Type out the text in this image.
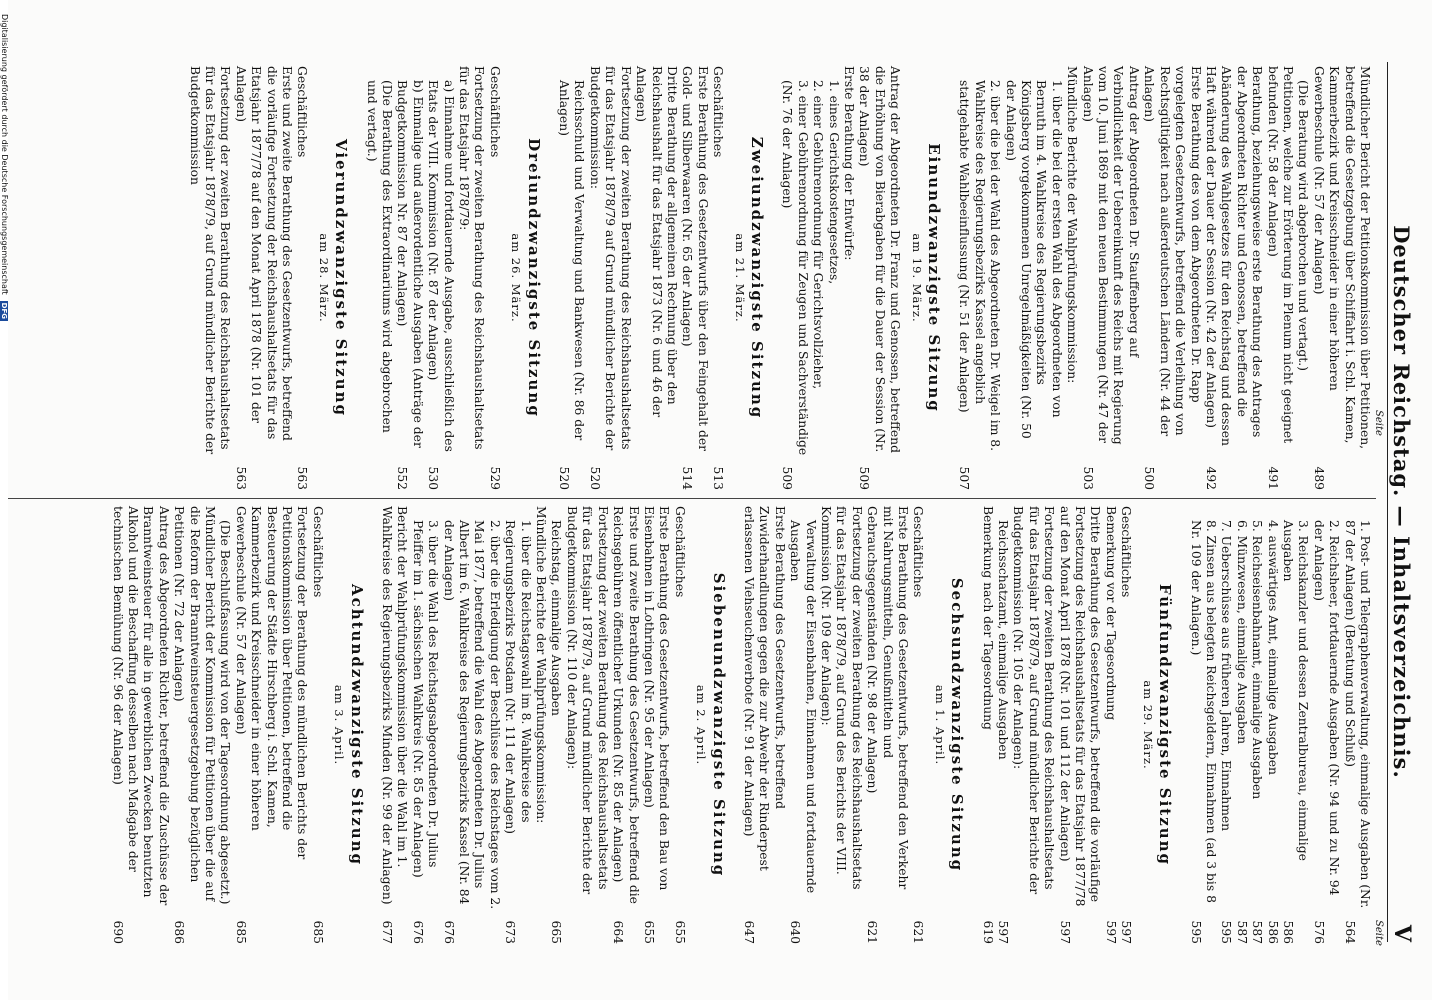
Deutscher Reichstag. — Inhaltsverzeichnis.
V
Seite
Seite
Mündlicher Bericht der Petitionskommission über Petitionen, betreffend die Gesetzgebung über Schiffahrt i. Schl. Kamen, Kammerbezirk und Kreisschneider in einer höheren Gewerbeschule (Nr. 57 der Anlagen)
489
(Die Beratung wird abgebrochen und vertagt.)
Petitionen, welche zur Erörterung im Plenum nicht geeignet befunden (Nr. 58 der Anlagen)
491
Berathung, beziehungsweise erste Berathung des Antrages der Abgeordneten Richter und Genossen, betreffend die Abänderung des Wahlgesetzes für den Reichstag und dessen Haft während der Dauer der Session (Nr. 42 der Anlagen)
492
Erste Berathung des von dem Abgeordneten Dr. Rapp vorgelegten Gesetzentwurfs, betreffend die Verleihung von Rechtsgültigkeit nach außerdeutschen Ländern (Nr. 44 der Anlagen)
500
Antrag der Abgeordneten Dr. Stauffenberg auf Verbindlichkeit der Uebereinkunft des Reichs mit Regierung vom 10. Juni 1869 mit den neuen Bestimmungen (Nr. 47 der Anlagen)
503
Mündliche Berichte der Wahlprüfungskommission:
1. über die bei der ersten Wahl des Abgeordneten von Bernuth im 4. Wahlkreise des Regierungsbezirks Königsberg vorgekommenen Unregelmäßigkeiten (Nr. 50 der Anlagen)
2. über die bei der Wahl des Abgeordneten Dr. Weigel im 8. Wahlkreise des Regierungsbezirks Kassel angeblich stattgehabte Wahlbeeinflussung (Nr. 51 der Anlagen)
507
Einundzwanzigste Sitzung
am 19. März.
Antrag der Abgeordneten Dr. Franz und Genossen, betreffend die Erhöhung von Bierabgaben für die Dauer der Session (Nr. 38 der Anlagen)
509
Erste Berathung der Entwürfe:
1. eines Gerichtskostengesetzes,
2. einer Gebührenordnung für Gerichtsvollzieher,
3. einer Gebührenordnung für Zeugen und Sachverständige (Nr. 76 der Anlagen)
509
Zweiundzwanzigste Sitzung
am 21. März.
Geschäftliches
513
Erste Berathung des Gesetzentwurfs über den Feingehalt der Gold- und Silberwaaren (Nr. 65 der Anlagen)
514
Dritte Berathung der allgemeinen Rechnung über den Reichshaushalt für das Etatsjahr 1873 (Nr. 6 und 46 der Anlagen)
Fortsetzung der zweiten Berathung des Reichshaushaltsetats für das Etatsjahr 1878/79 auf Grund mündlicher Berichte der Budgetkommission:
520
Reichsschuld und Verwaltung und Bankwesen (Nr. 86 der Anlagen)
520
Dreiundzwanzigste Sitzung
am 26. März.
Geschäftliches
529
Fortsetzung der zweiten Berathung des Reichshaushaltsetats für das Etatsjahr 1878/79:
a) Einnahme und fortdauernde Ausgabe, ausschließlich des Etats der VIII. Kommission (Nr. 87 der Anlagen)
530
b) Einmalige und außerordentliche Ausgaben (Anträge der Budgetkommission Nr. 87 der Anlagen)
552
(Die Berathung des Extraordinariums wird abgebrochen und vertagt.)
Vierundzwanzigste Sitzung
am 28. März.
Geschäftliches
563
Erste und zweite Berathung des Gesetzentwurfs, betreffend die vorläufige Fortsetzung der Reichshaushaltsetats für das Etatsjahr 1877/78 auf den Monat April 1878 (Nr. 101 der Anlagen)
563
Fortsetzung der zweiten Berathung des Reichshaushaltsetats für das Etatsjahr 1878/79, auf Grund mündlicher Berichte der Budgetkommission
1. Post- und Telegraphenverwaltung, einmalige Ausgaben (Nr. 87 der Anlagen) (Beratung und Schluß)
564
2. Reichsheer, fortdauernde Ausgaben (Nr. 94 und zu Nr. 94 der Anlagen)
576
3. Reichskanzler und dessen Zentralbureau, einmalige Ausgaben
586
4. auswärtiges Amt, einmalige Ausgaben
586
5. Reichseisenbahnamt, einmalige Ausgaben
587
6. Münzwesen, einmalige Ausgaben
587
7. Ueberschüsse aus früheren Jahren, Einnahmen
595
8. Zinsen aus belegten Reichsgeldern, Einnahmen (ad 3 bis 8 Nr. 109 der Anlagen.)
595
Fünfundzwanzigste Sitzung
am 29. März.
Geschäftliches
597
Bemerkung vor der Tagesordnung
597
Dritte Berathung des Gesetzentwurfs, betreffend die vorläufige Fortsetzung des Reichshaushaltsetats für das Etatsjahr 1877/78 auf den Monat April 1878 (Nr. 101 und 112 der Anlagen)
597
Fortsetzung der zweiten Berathung des Reichshaushaltsetats für das Etatsjahr 1878/79, auf Grund mündlicher Berichte der Budgetkommission (Nr. 105 der Anlagen):
Reichsschatzamt, einmalige Ausgaben
597
Bemerkung nach der Tagesordnung
619
Sechsundzwanzigste Sitzung
am 1. April.
Geschäftliches
621
Erste Berathung des Gesetzentwurfs, betreffend den Verkehr mit Nahrungsmitteln, Genußmitteln und Gebrauchsgegenständen (Nr. 98 der Anlagen)
621
Fortsetzung der zweiten Berathung des Reichshaushaltsetats für das Etatsjahr 1878/79, auf Grund des Berichts der VIII. Kommission (Nr. 109 der Anlagen):
Verwaltung der Eisenbahnen, Einnahmen und fortdauernde Ausgaben
640
Erste Berathung des Gesetzentwurfs, betreffend Zuwiderhandlungen gegen die zur Abwehr der Rinderpest erlassenen Viehseuchenverbote (Nr. 91 der Anlagen)
647
Siebenundzwanzigste Sitzung
am 2. April.
Geschäftliches
655
Erste Berathung des Gesetzentwurfs, betreffend den Bau von Eisenbahnen in Lothringen (Nr. 95 der Anlagen)
655
Erste und zweite Berathung des Gesetzentwurfs, betreffend die Reichsgebühren öffentlicher Urkunden (Nr. 85 der Anlagen)
664
Fortsetzung der zweiten Berathung des Reichshaushaltsetats für das Etatsjahr 1878/79, auf Grund mündlicher Berichte der Budgetkommission (Nr. 110 der Anlagen):
Reichstag, einmalige Ausgaben
665
Mündliche Berichte der Wahlprüfungskommission:
1. über die Reichstagswahl im 8. Wahlkreise des Regierungsbezirks Potsdam (Nr. 111 der Anlagen)
673
2. über die Erledigung der Beschlüsse des Reichstages vom 2. Mai 1877, betreffend die Wahl des Abgeordneten Dr. Julius Albert im 6. Wahlkreise des Regierungsbezirks Kassel (Nr. 84 der Anlagen)
676
3. über die Wahl des Reichstagsabgeordneten Dr. Julius Pfeiffer im 1. sächsischen Wahlkreis (Nr. 85 der Anlagen)
676
Bericht der Wahlprüfungskommission über die Wahl im 1. Wahlkreise des Regierungsbezirks Minden (Nr. 99 der Anlagen)
677
Achtundzwanzigste Sitzung
am 3. April.
Geschäftliches
685
Fortsetzung der Berathung des mündlichen Berichts der Petitionskommission über Petitionen, betreffend die Besteuerung der Städte Hirschberg i. Schl. Kamen, Kammerbezirk und Kreisschneider in einer höheren Gewerbeschule (Nr. 57 der Anlagen)
685
(Die Beschlußfassung wird von der Tagesordnung abgesetzt.)
Mündlicher Bericht der Kommission für Petitionen über die auf die Reform der Branntweinsteuergesetzgebung bezüglichen Petitionen (Nr. 72 der Anlagen)
686
Antrag des Abgeordneten Richter, betreffend die Zuschüsse der Branntweinsteuer für alle in gewerblichen Zwecken benutzten Alkohol und die Beschaffung desselben nach Maßgabe der technischen Bemühung (Nr. 96 der Anlagen)
690
Digitalisierung gefördert durch die Deutsche ForschungsgemeinschaftDFG
